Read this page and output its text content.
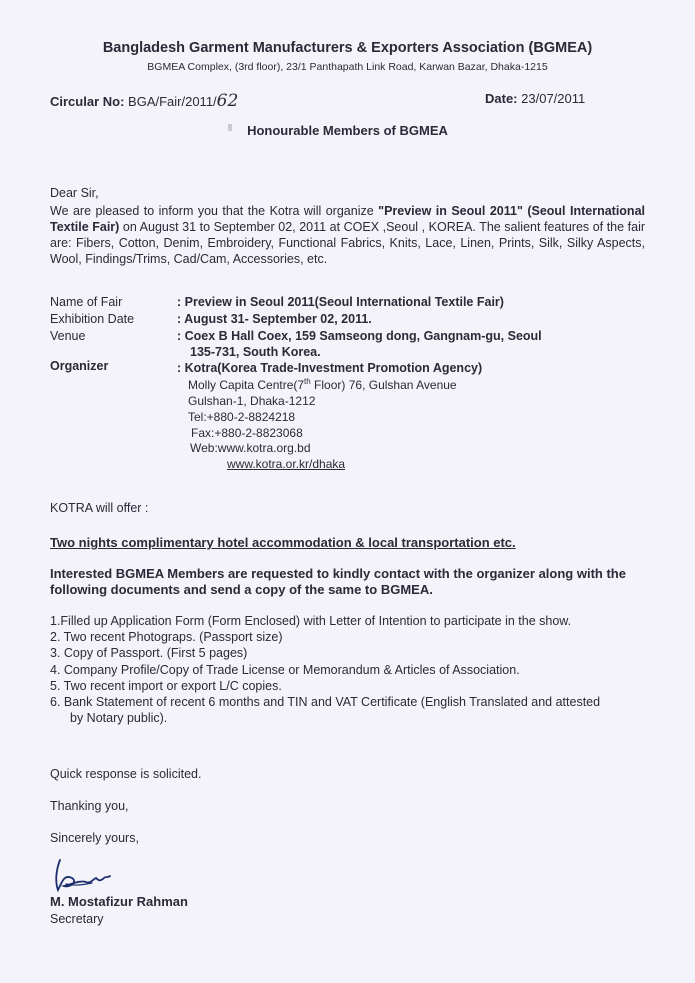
Bangladesh Garment Manufacturers & Exporters Association (BGMEA)
BGMEA Complex, (3rd floor), 23/1 Panthapath Link Road, Karwan Bazar, Dhaka-1215
Circular No: BGA/Fair/2011/62	Date: 23/07/2011
Honourable Members of BGMEA
Dear Sir,
We are pleased to inform you that the Kotra will organize "Preview in Seoul 2011" (Seoul International Textile Fair) on August 31 to September 02, 2011 at COEX ,Seoul , KOREA. The salient features of the fair are: Fibers, Cotton, Denim, Embroidery, Functional Fabrics, Knits, Lace, Linen, Prints, Silk, Silky Aspects, Wool, Findings/Trims, Cad/Cam, Accessories, etc.
Name of Fair	: Preview in Seoul 2011(Seoul International Textile Fair)
Exhibition Date	: August 31- September 02, 2011.
Venue	: Coex B Hall Coex, 159 Samseong dong, Gangnam-gu, Seoul
135-731, South Korea.
Organizer	: Kotra(Korea Trade-Investment Promotion Agency)
Molly Capita Centre(7th Floor) 76, Gulshan Avenue
Gulshan-1, Dhaka-1212
Tel:+880-2-8824218
Fax:+880-2-8823068
Web:www.kotra.org.bd
www.kotra.or.kr/dhaka
KOTRA will offer :
Two nights complimentary hotel accommodation & local transportation etc.
Interested BGMEA Members are requested to kindly contact with the organizer along with the following documents and send a copy of the same to BGMEA.
1.Filled up Application Form (Form Enclosed) with Letter of Intention to participate in the show.
2. Two recent Photograps. (Passport size)
3. Copy of Passport. (First 5 pages)
4. Company Profile/Copy of Trade License or Memorandum & Articles of Association.
5. Two recent import or export L/C copies.
6. Bank Statement of recent 6 months and TIN and VAT Certificate (English Translated and attested
by Notary public).
Quick response is solicited.
Thanking you,
Sincerely yours,
M. Mostafizur Rahman
Secretary
